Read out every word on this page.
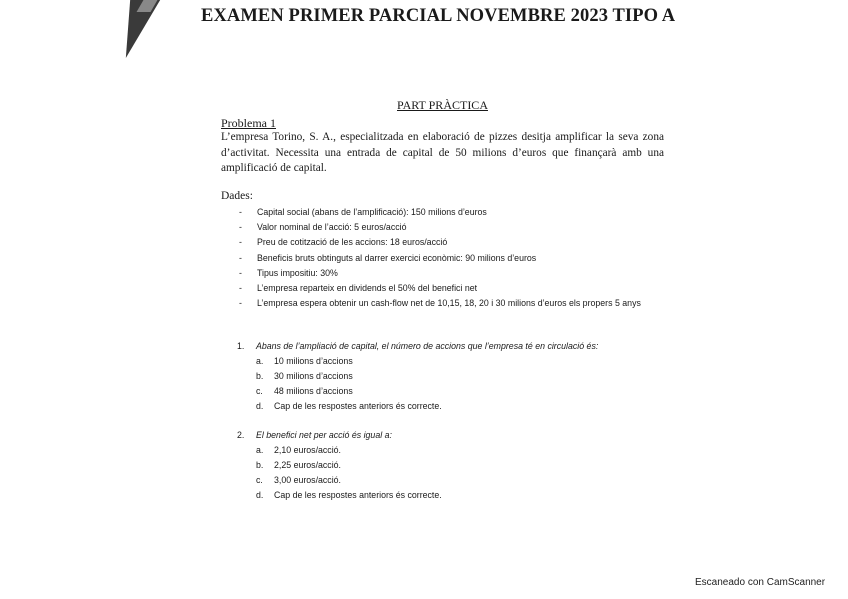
EXAMEN PRIMER PARCIAL NOVEMBRE 2023 TIPO A
PART PRÀCTICA
Problema 1
L’empresa Torino, S. A., especialitzada en elaboració de pizzes desitja amplificar la seva zona d’activitat. Necessita una entrada de capital de 50 milions d’euros que finançarà amb una amplificació de capital.
Dades:
- Capital social (abans de l’amplificació): 150 milions d’euros
- Valor nominal de l’acció: 5 euros/acció
- Preu de cotització de les accions: 18 euros/acció
- Beneficis bruts obtinguts al darrer exercici econòmic: 90 milions d’euros
- Tipus impositiu: 30%
- L’empresa reparteix en dividends el 50% del benefici net
- L’empresa espera obtenir un cash-flow net de 10,15, 18, 20 i 30 milions d’euros els propers 5 anys
1. Abans de l’ampliació de capital, el número de accions que l’empresa té en circulació és:
a. 10 milions d’accions
b. 30 milions d’accions
c. 48 milions d’accions
d. Cap de les respostes anteriors és correcte.
2. El benefici net per acció és igual a:
a. 2,10 euros/acció.
b. 2,25 euros/acció.
c. 3,00 euros/acció.
d. Cap de les respostes anteriors és correcte.
Escaneado con CamScanner
